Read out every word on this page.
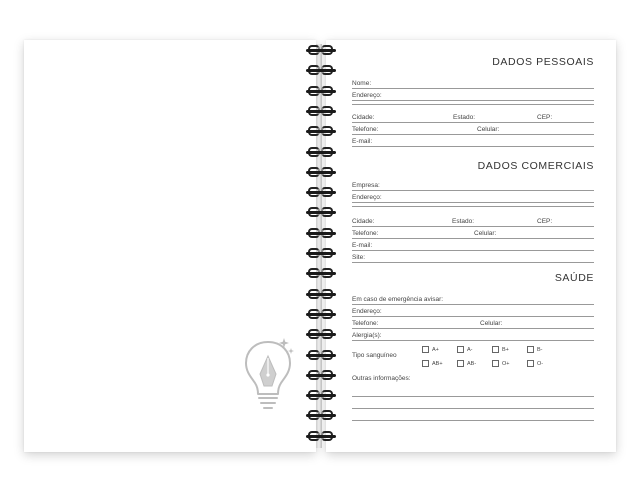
DADOS PESSOAIS
Nome:
Endereço:
Cidade:	Estado:	CEP:
Telefone:	Celular:
E-mail:
DADOS COMERCIAIS
Empresa:
Endereço:
Cidade:	Estado:	CEP:
Telefone:	Celular:
E-mail:
Site:
SAÚDE
Em caso de emergência avisar:
Endereço:
Telefone:	Celular:
Alergia(s):
Tipo sanguíneo
A+	A-	B+	B-
AB+	AB-	O+	O-
Outras informações:
